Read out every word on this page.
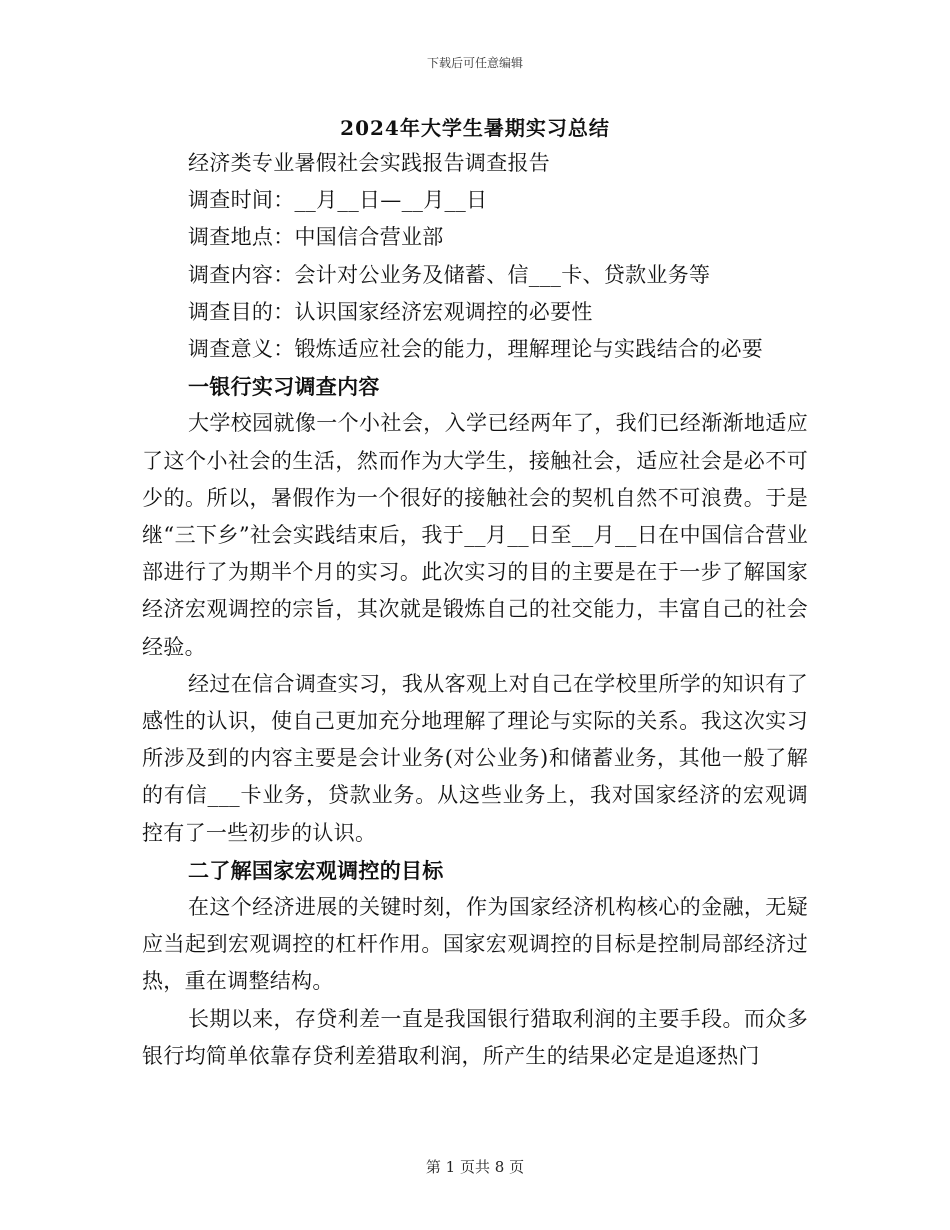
下载后可任意编辑
2024年大学生暑期实习总结

经济类专业暑假社会实践报告调查报告

调查时间：__月__日—__月__日

调查地点：中国信合营业部

调查内容：会计对公业务及储蓄、信___卡、贷款业务等

调查目的：认识国家经济宏观调控的必要性

调查意义：锻炼适应社会的能力，理解理论与实践结合的必要

一银行实习调查内容

大学校园就像一个小社会，入学已经两年了，我们已经渐渐地适应了这个小社会的生活，然而作为大学生，接触社会，适应社会是必不可少的。所以，暑假作为一个很好的接触社会的契机自然不可浪费。于是继“三下乡”社会实践结束后，我于__月__日至__月__日在中国信合营业部进行了为期半个月的实习。此次实习的目的主要是在于一步了解国家经济宏观调控的宗旨，其次就是锻炼自己的社交能力，丰富自己的社会经验。

经过在信合调查实习，我从客观上对自己在学校里所学的知识有了感性的认识，使自己更加充分地理解了理论与实际的关系。我这次实习所涉及到的内容主要是会计业务(对公业务)和储蓄业务，其他一般了解的有信___卡业务，贷款业务。从这些业务上，我对国家经济的宏观调控有了一些初步的认识。

二了解国家宏观调控的目标

在这个经济进展的关键时刻，作为国家经济机构核心的金融，无疑应当起到宏观调控的杠杆作用。国家宏观调控的目标是控制局部经济过热，重在调整结构。

长期以来，存贷利差一直是我国银行猎取利润的主要手段。而众多银行均简单依靠存贷利差猎取利润，所产生的结果必定是追逐热门

第 1 页共 8 页
